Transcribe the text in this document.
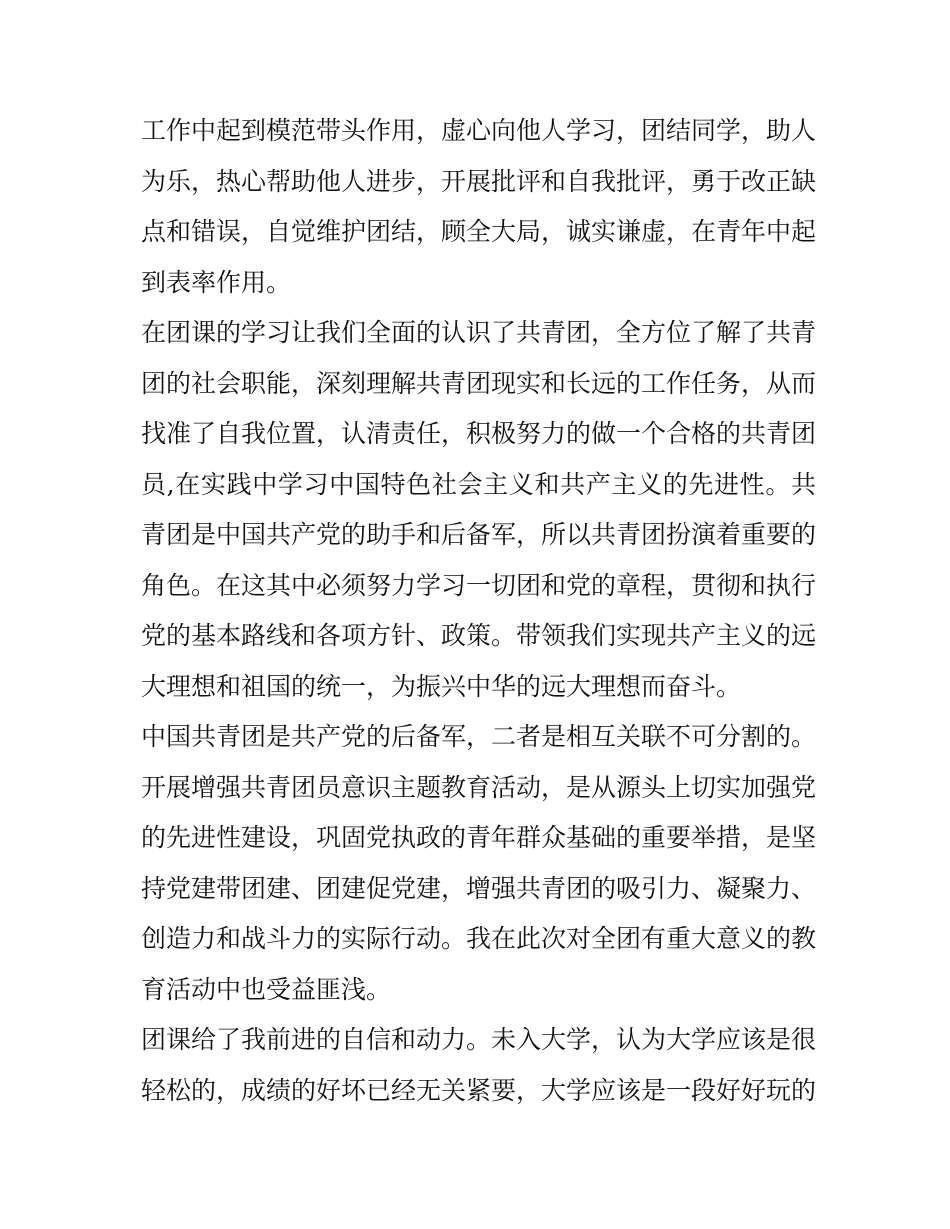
工作中起到模范带头作用，虚心向他人学习，团结同学，助人
为乐，热心帮助他人进步，开展批评和自我批评，勇于改正缺
点和错误，自觉维护团结，顾全大局，诚实谦虚，在青年中起
到表率作用。
在团课的学习让我们全面的认识了共青团，全方位了解了共青
团的社会职能，深刻理解共青团现实和长远的工作任务，从而
找准了自我位置，认清责任，积极努力的做一个合格的共青团
员,在实践中学习中国特色社会主义和共产主义的先进性。共
青团是中国共产党的助手和后备军，所以共青团扮演着重要的
角色。在这其中必须努力学习一切团和党的章程，贯彻和执行
党的基本路线和各项方针、政策。带领我们实现共产主义的远
大理想和祖国的统一，为振兴中华的远大理想而奋斗。
中国共青团是共产党的后备军，二者是相互关联不可分割的。
开展增强共青团员意识主题教育活动，是从源头上切实加强党
的先进性建设，巩固党执政的青年群众基础的重要举措，是坚
持党建带团建、团建促党建，增强共青团的吸引力、凝聚力、
创造力和战斗力的实际行动。我在此次对全团有重大意义的教
育活动中也受益匪浅。
团课给了我前进的自信和动力。未入大学，认为大学应该是很
轻松的，成绩的好坏已经无关紧要，大学应该是一段好好玩的
